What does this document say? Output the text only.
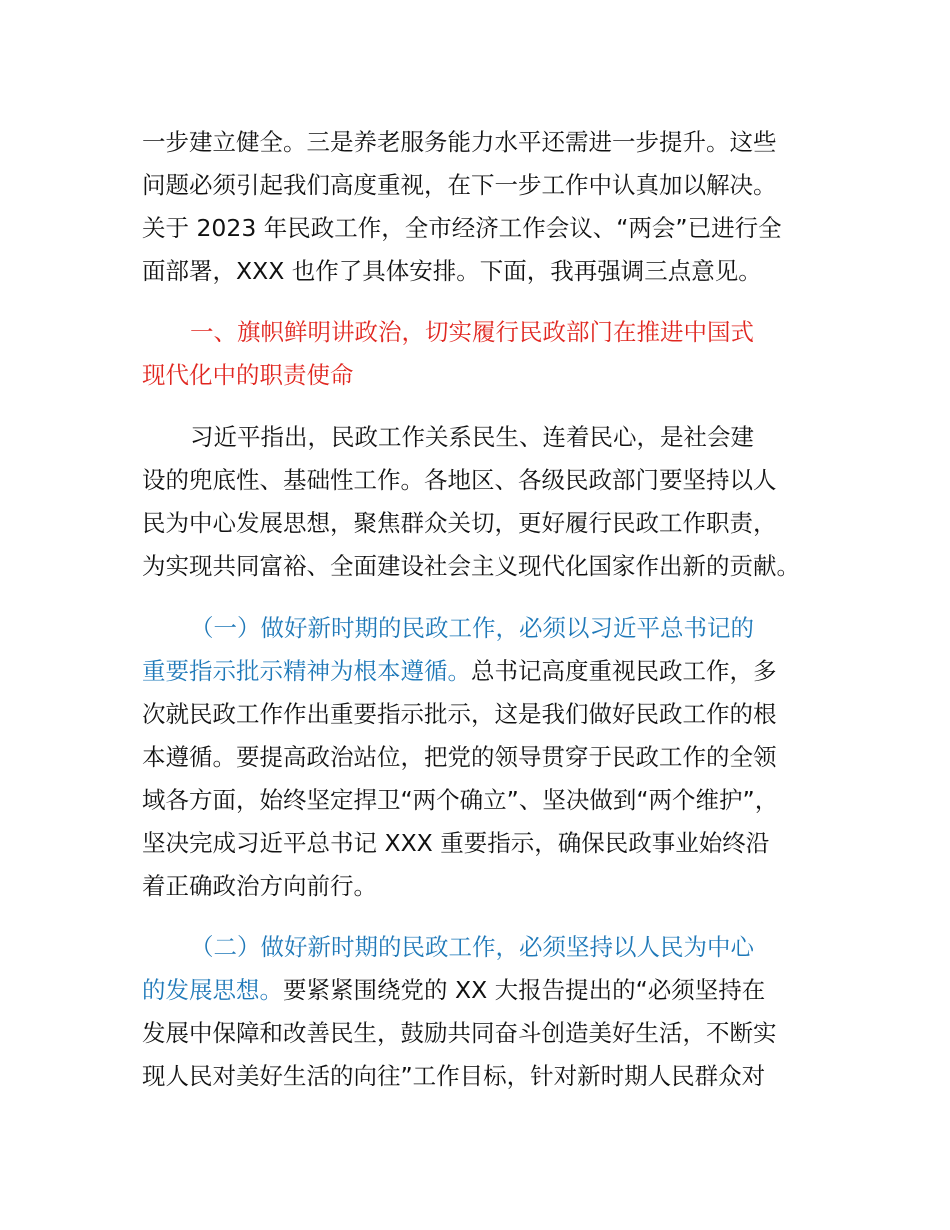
一步建立健全。三是养老服务能力水平还需进一步提升。这些
问题必须引起我们高度重视，在下一步工作中认真加以解决。
关于 2023 年民政工作，全市经济工作会议、“两会”已进行全
面部署，XXX 也作了具体安排。下面，我再强调三点意见。
一、旗帜鲜明讲政治，切实履行民政部门在推进中国式
现代化中的职责使命
习近平指出，民政工作关系民生、连着民心，是社会建
设的兜底性、基础性工作。各地区、各级民政部门要坚持以人
民为中心发展思想，聚焦群众关切，更好履行民政工作职责，
为实现共同富裕、全面建设社会主义现代化国家作出新的贡献。
（一）做好新时期的民政工作，必须以习近平总书记的
重要指示批示精神为根本遵循。总书记高度重视民政工作，多
次就民政工作作出重要指示批示，这是我们做好民政工作的根
本遵循。要提高政治站位，把党的领导贯穿于民政工作的全领
域各方面，始终坚定捍卫“两个确立”、坚决做到“两个维护”，
坚决完成习近平总书记 XXX 重要指示，确保民政事业始终沿
着正确政治方向前行。
（二）做好新时期的民政工作，必须坚持以人民为中心
的发展思想。要紧紧围绕党的 XX 大报告提出的“必须坚持在
发展中保障和改善民生，鼓励共同奋斗创造美好生活，不断实
现人民对美好生活的向往”工作目标，针对新时期人民群众对
